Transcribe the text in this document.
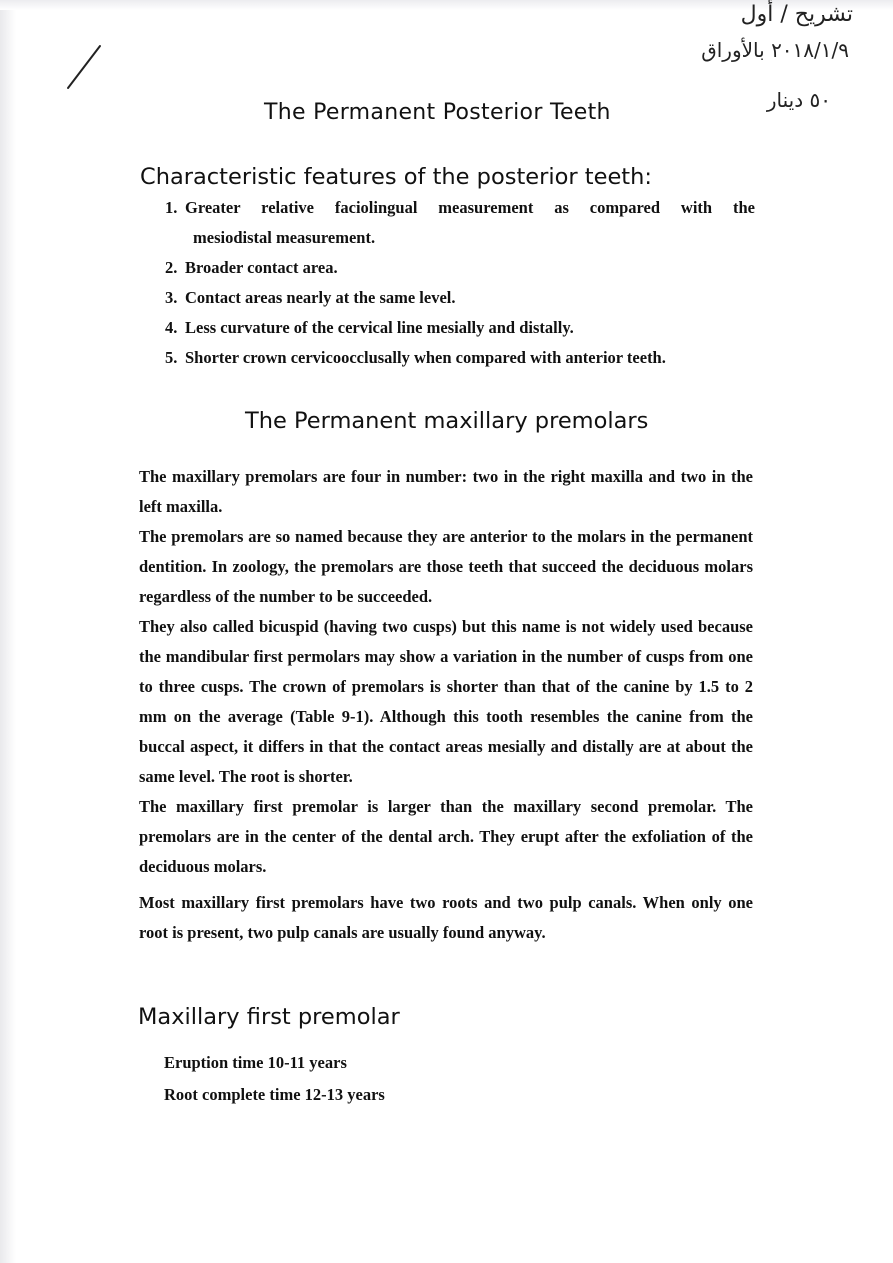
تشريح / أول
٢٠١٨/١/٩ بالأوراق
٥٠ دينار
The Permanent Posterior Teeth
Characteristic features of the posterior teeth:
1. Greater relative faciolingual measurement as compared with the
mesiodistal measurement.
2. Broader contact area.
3. Contact areas nearly at the same level.
4. Less curvature of the cervical line mesially and distally.
5. Shorter crown cervicoocclusally when compared with anterior teeth.
The Permanent maxillary premolars

The maxillary premolars are four in number: two in the right maxilla and two in the left maxilla.

The premolars are so named because they are anterior to the molars in the permanent dentition. In zoology, the premolars are those teeth that succeed the deciduous molars regardless of the number to be succeeded.

They also called bicuspid (having two cusps) but this name is not widely used because the mandibular first permolars may show a variation in the number of cusps from one to three cusps. The crown of premolars is shorter than that of the canine by 1.5 to 2 mm on the average (Table 9-1). Although this tooth resembles the canine from the buccal aspect, it differs in that the contact areas mesially and distally are at about the same level. The root is shorter.

The maxillary first premolar is larger than the maxillary second premolar. The premolars are in the center of the dental arch. They erupt after the exfoliation of the deciduous molars.

Most maxillary first premolars have two roots and two pulp canals. When only one root is present, two pulp canals are usually found anyway.

Maxillary first premolar
Eruption time 10-11 years
Root complete time 12-13 years
